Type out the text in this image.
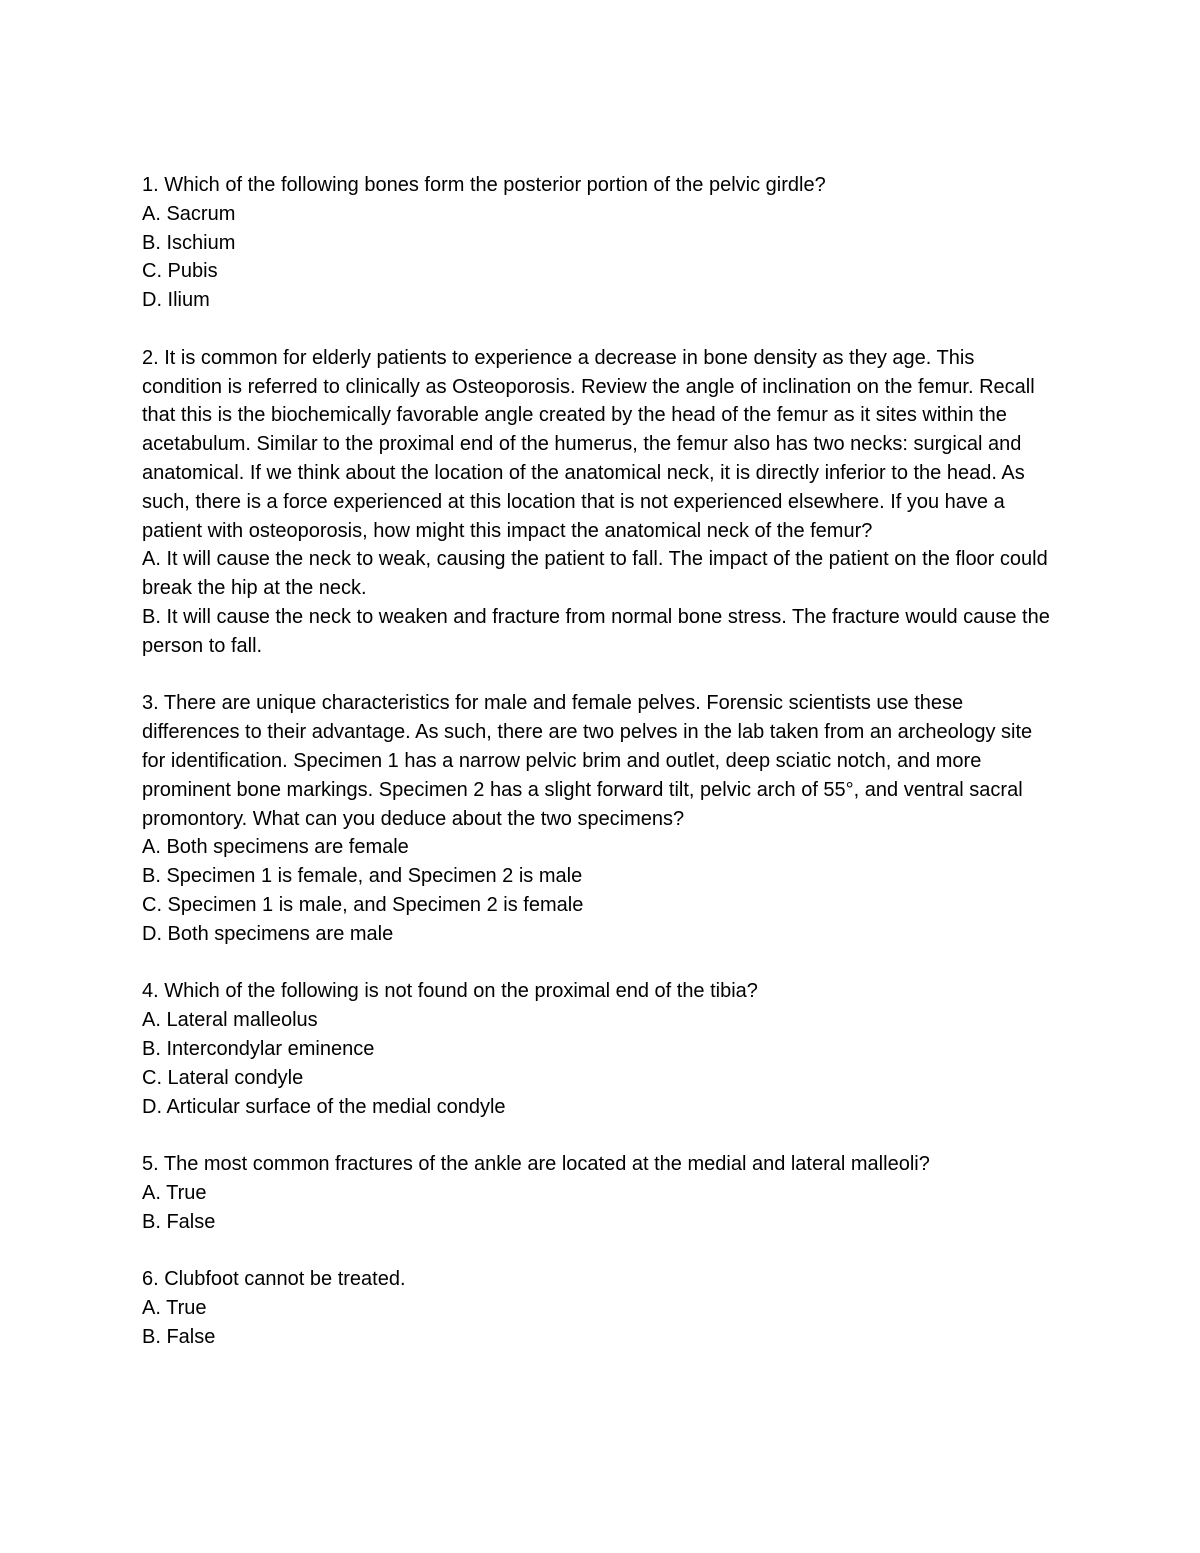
1. Which of the following bones form the posterior portion of the pelvic girdle?

A. Sacrum

B. Ischium

C. Pubis

D. Ilium

2. It is common for elderly patients to experience a decrease in bone density as they age. This condition is referred to clinically as Osteoporosis. Review the angle of inclination on the femur. Recall that this is the biochemically favorable angle created by the head of the femur as it sites within the acetabulum. Similar to the proximal end of the humerus, the femur also has two necks: surgical and anatomical. If we think about the location of the anatomical neck, it is directly inferior to the head. As such, there is a force experienced at this location that is not experienced elsewhere. If you have a patient with osteoporosis, how might this impact the anatomical neck of the femur?

A. It will cause the neck to weak, causing the patient to fall. The impact of the patient on the floor could break the hip at the neck.

B. It will cause the neck to weaken and fracture from normal bone stress. The fracture would cause the person to fall.

3. There are unique characteristics for male and female pelves. Forensic scientists use these differences to their advantage. As such, there are two pelves in the lab taken from an archeology site for identification. Specimen 1 has a narrow pelvic brim and outlet, deep sciatic notch, and more prominent bone markings. Specimen 2 has a slight forward tilt, pelvic arch of 55°, and ventral sacral promontory. What can you deduce about the two specimens?

A. Both specimens are female

B. Specimen 1 is female, and Specimen 2 is male

C. Specimen 1 is male, and Specimen 2 is female

D. Both specimens are male

4. Which of the following is not found on the proximal end of the tibia?

A. Lateral malleolus

B. Intercondylar eminence

C. Lateral condyle

D. Articular surface of the medial condyle

5. The most common fractures of the ankle are located at the medial and lateral malleoli?

A. True

B. False

6. Clubfoot cannot be treated.

A. True

B. False
